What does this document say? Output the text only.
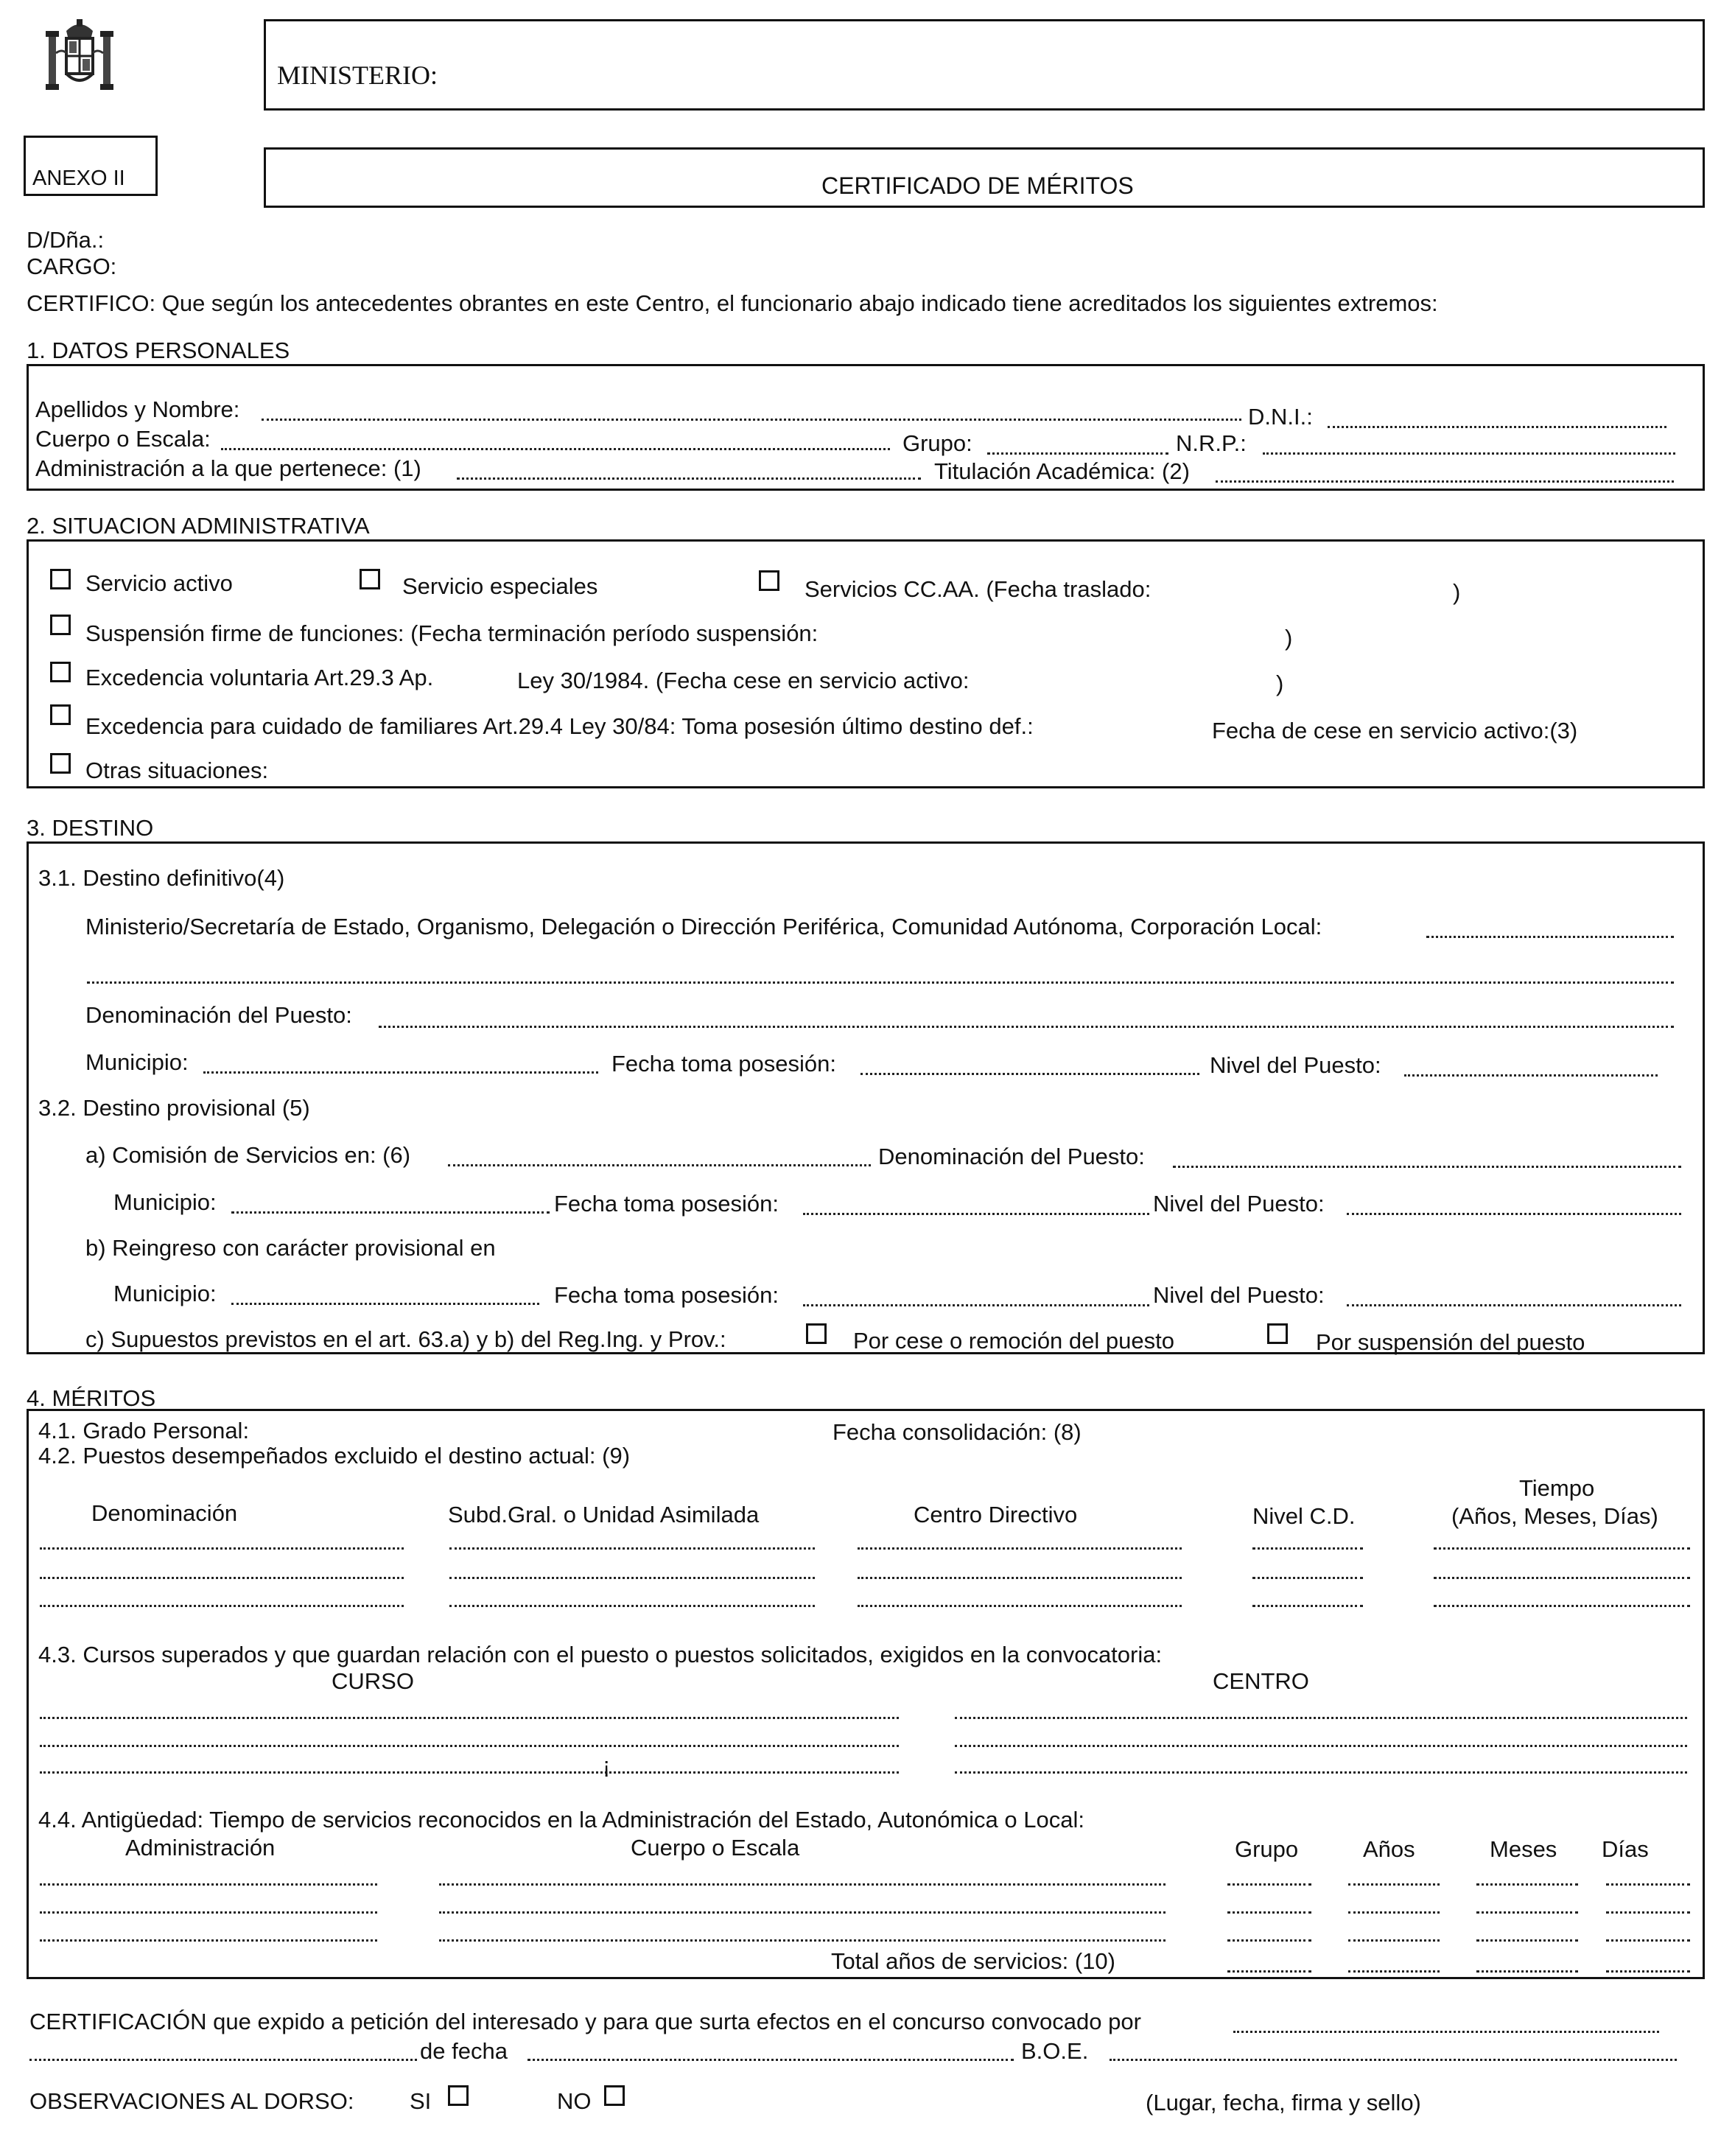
MINISTERIO:
ANEXO II	CERTIFICADO DE MÉRITOS
D/Dña.:
CARGO:
CERTIFICO: Que según los antecedentes obrantes en este Centro, el funcionario abajo indicado tiene acreditados los siguientes extremos:
1. DATOS PERSONALES
Apellidos y Nombre:	D.N.I.:
Cuerpo o Escala:	Grupo:	N.R.P.:
Administración a la que pertenece: (1)	Titulación Académica: (2)
2. SITUACION ADMINISTRATIVA
Servicio activo	Servicio especiales	Servicios CC.AA. (Fecha traslado:	)
Suspensión firme de funciones: (Fecha terminación período suspensión:	)
Excedencia voluntaria Art.29.3 Ap.	Ley 30/1984. (Fecha cese en servicio activo:	)
Excedencia para cuidado de familiares Art.29.4 Ley 30/84: Toma posesión último destino def.:	Fecha de cese en servicio activo:(3)
Otras situaciones:
3. DESTINO
3.1. Destino definitivo(4)
Ministerio/Secretaría de Estado, Organismo, Delegación o Dirección Periférica, Comunidad Autónoma, Corporación Local:
Denominación del Puesto:
Municipio:	Fecha toma posesión:	Nivel del Puesto:
3.2. Destino provisional (5)
a) Comisión de Servicios en: (6)	Denominación del Puesto:
Municipio:	Fecha toma posesión:	Nivel del Puesto:
b) Reingreso con carácter provisional en
Municipio:	Fecha toma posesión:	Nivel del Puesto:
c) Supuestos previstos en el art. 63.a) y b) del Reg.Ing. y Prov.:	Por cese o remoción del puesto	Por suspensión del puesto
4. MÉRITOS
4.1. Grado Personal:	Fecha consolidación: (8)
4.2. Puestos desempeñados excluido el destino actual: (9)
Denominación	Subd.Gral. o Unidad Asimilada	Centro Directivo	Nivel C.D.
Tiempo
(Años, Meses, Días)
4.3. Cursos superados y que guardan relación con el puesto o puestos solicitados, exigidos en la convocatoria:
CURSO	CENTRO
¡
4.4. Antigüedad: Tiempo de servicios reconocidos en la Administración del Estado, Autonómica o Local:
Administración	Cuerpo o Escala	Grupo	Años	Meses Días
Total años de servicios: (10)
CERTIFICACIÓN que expido a petición del interesado y para que surta efectos en el concurso convocado por
de fecha	B.O.E.
OBSERVACIONES AL DORSO: SI	NO	(Lugar, fecha, firma y sello)
